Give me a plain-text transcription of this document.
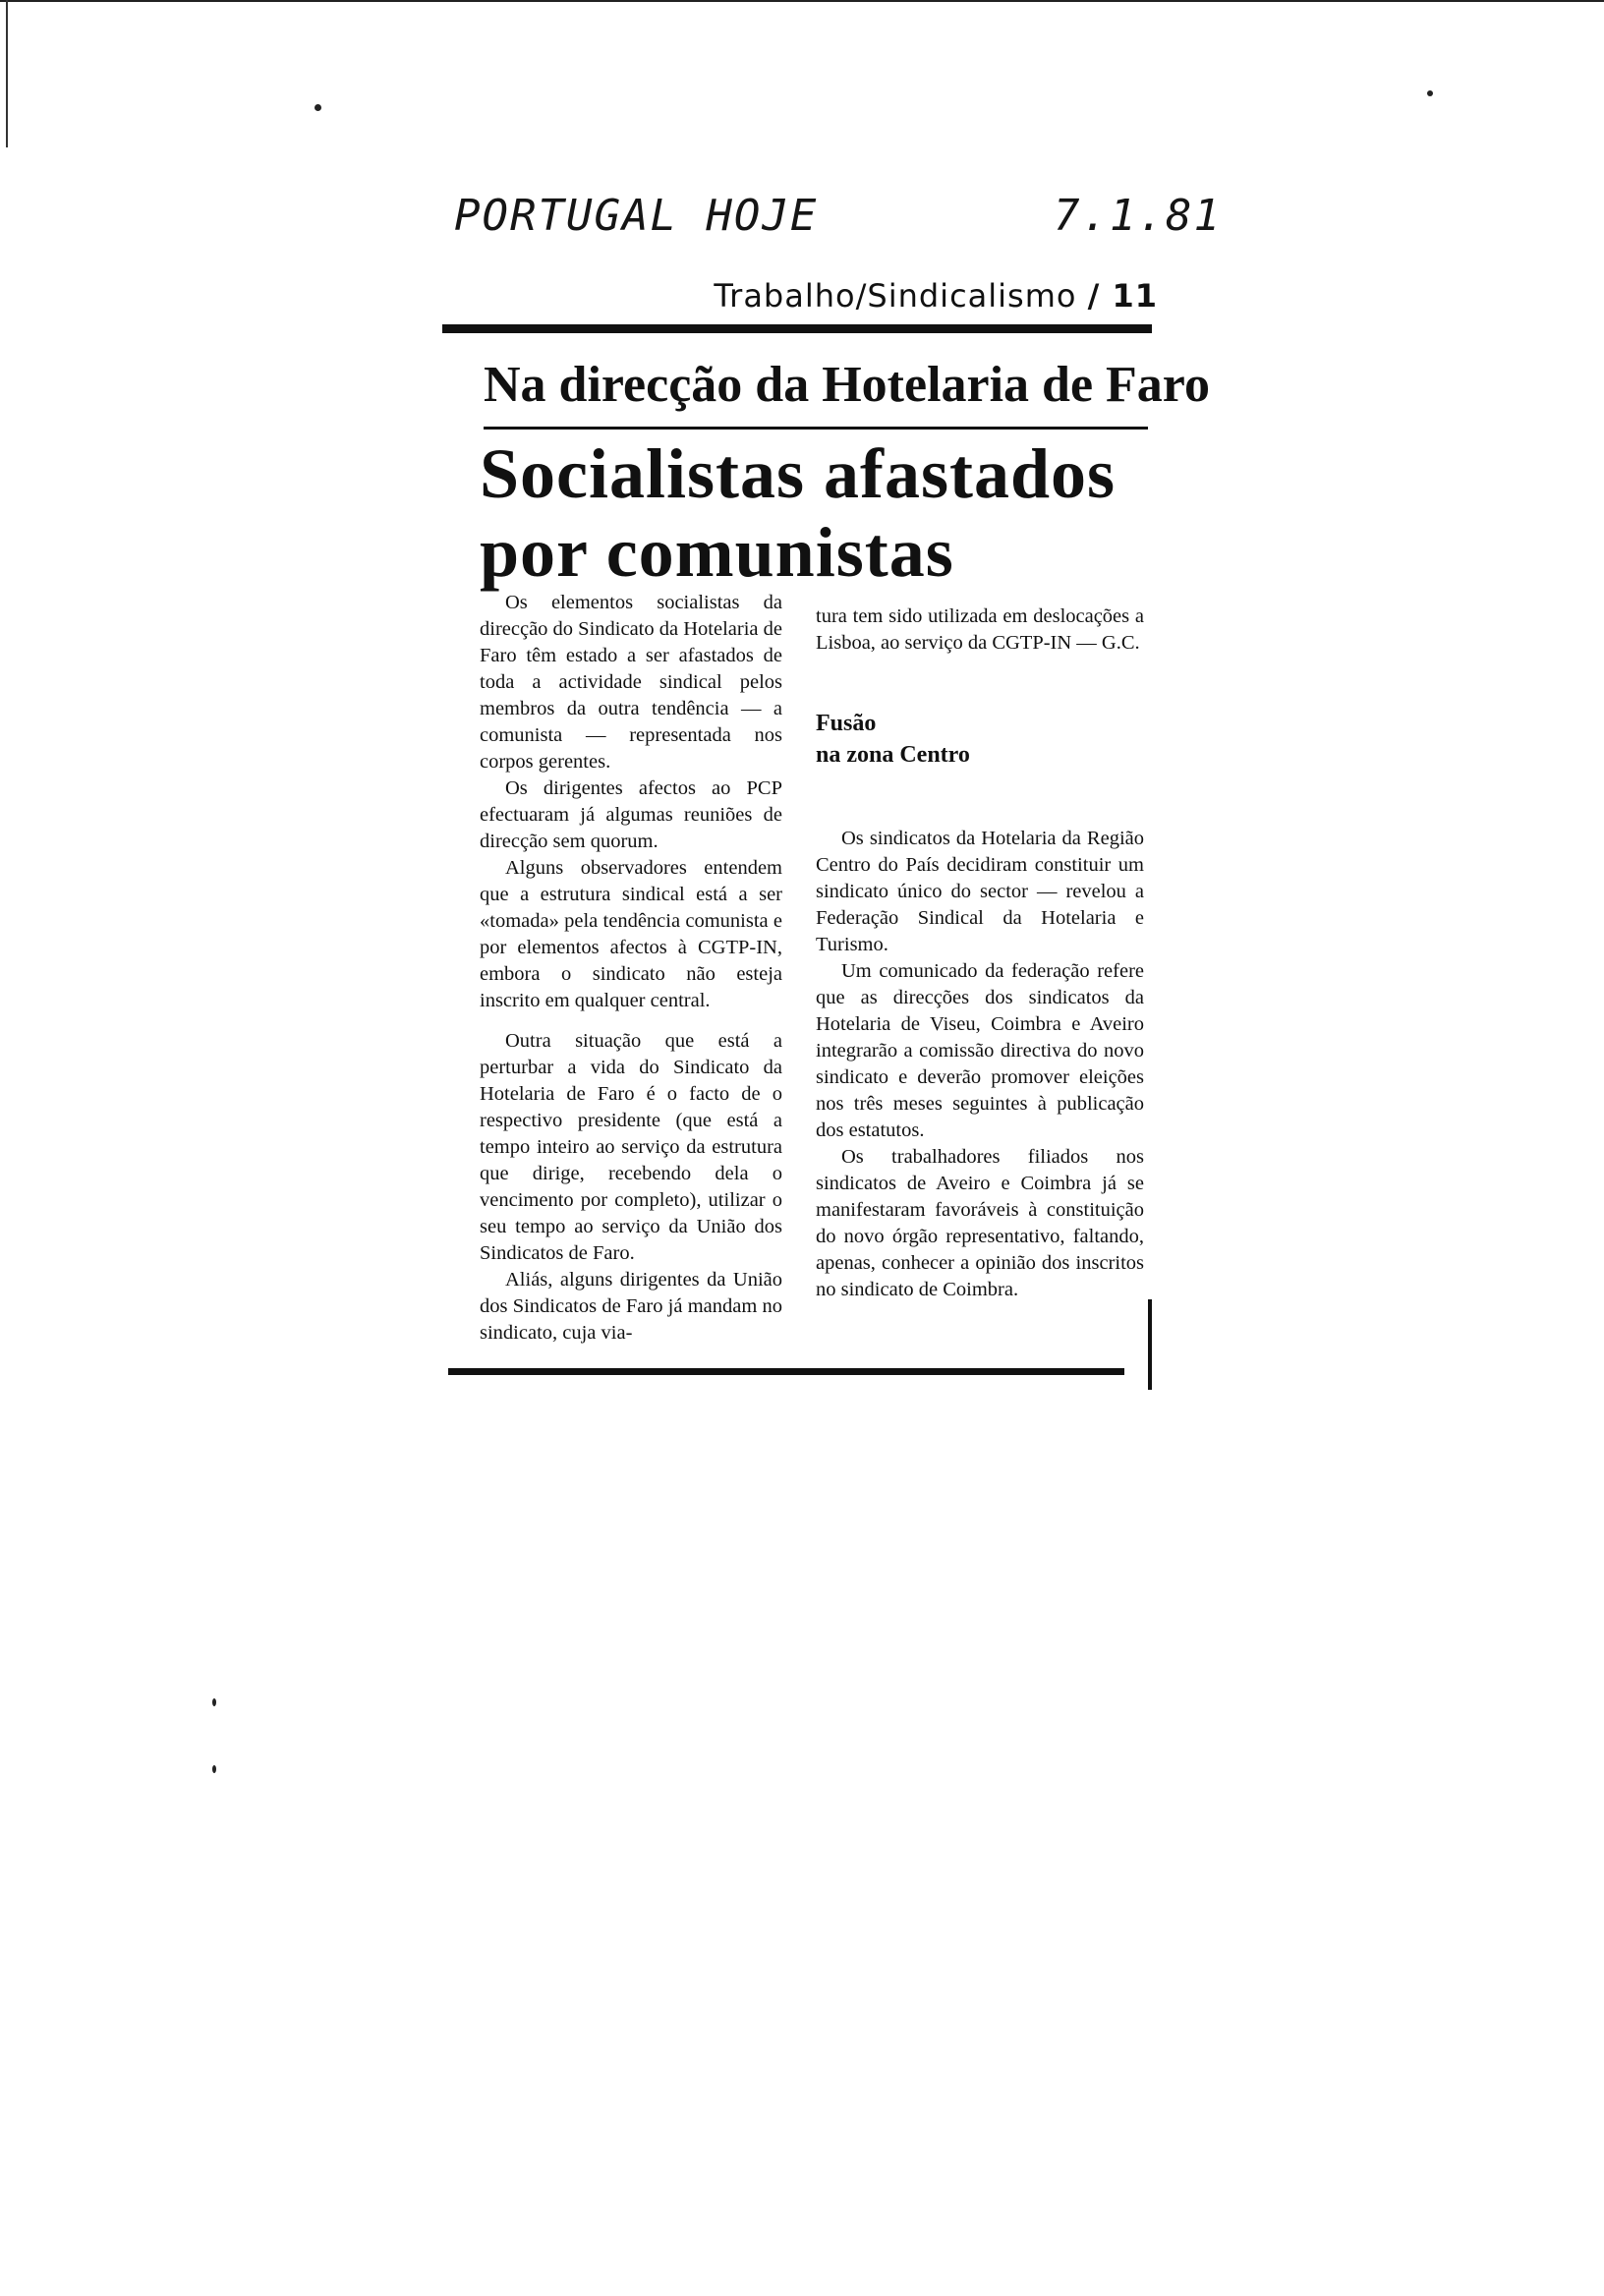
PORTUGAL HOJE	7.1.81
Trabalho/Sindicalismo / 11
Na direcção da Hotelaria de Faro
Socialistas afastados
por comunistas

Os elementos socialistas da direcção do Sindicato da Hotelaria de Faro têm estado a ser afastados de toda a actividade sindical pelos membros da outra tendência — a comunista — representada nos corpos gerentes.

Os dirigentes afectos ao PCP efectuaram já algumas reuniões de direcção sem quorum.

Alguns observadores entendem que a estrutura sindical está a ser «tomada» pela tendência comunista e por elementos afectos à CGTP-IN, embora o sindicato não esteja inscrito em qualquer central.

Outra situação que está a perturbar a vida do Sindicato da Hotelaria de Faro é o facto de o respectivo presidente (que está a tempo inteiro ao serviço da estrutura que dirige, recebendo dela o vencimento por completo), utilizar o seu tempo ao serviço da União dos Sindicatos de Faro.

Aliás, alguns dirigentes da União dos Sindicatos de Faro já mandam no sindicato, cuja via-

tura tem sido utilizada em deslocações a Lisboa, ao serviço da CGTP-IN — G.C.

Fusão
na zona Centro

Os sindicatos da Hotelaria da Região Centro do País decidiram constituir um sindicato único do sector — revelou a Federação Sindical da Hotelaria e Turismo.

Um comunicado da federação refere que as direcções dos sindicatos da Hotelaria de Viseu, Coimbra e Aveiro integrarão a comissão directiva do novo sindicato e deverão promover eleições nos três meses seguintes à publicação dos estatutos.

Os trabalhadores filiados nos sindicatos de Aveiro e Coimbra já se manifestaram favoráveis à constituição do novo órgão representativo, faltando, apenas, conhecer a opinião dos inscritos no sindicato de Coimbra.
